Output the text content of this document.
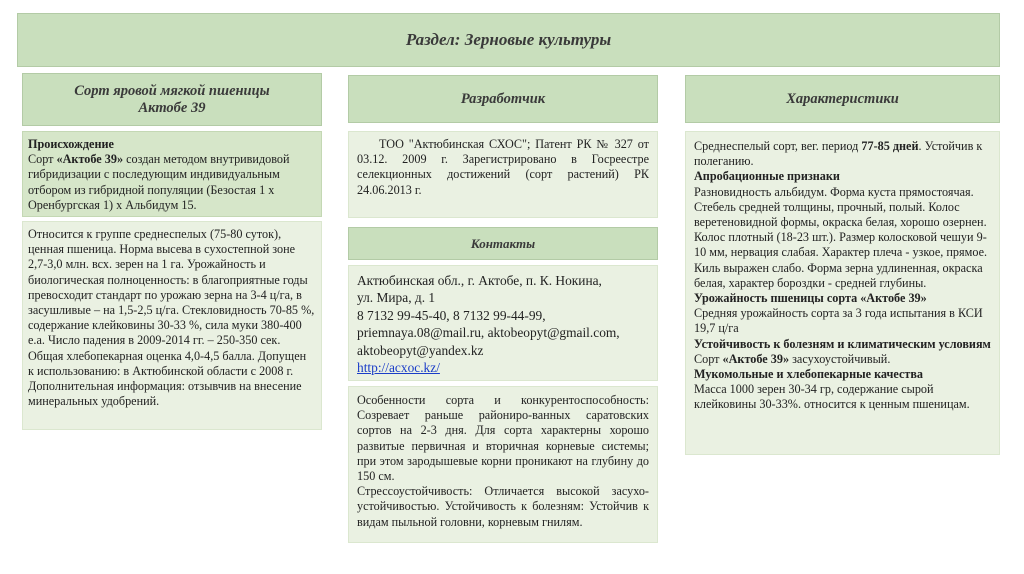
Раздел: Зерновые культуры
Сорт яровой мягкой пшеницы
Актобе 39
Происхождение
Сорт «Актобе 39» создан методом внутривидовой гибридизации с последующим индивидуальным отбором из гибридной популяции (Безостая 1 х Оренбургская 1) х Альбидум 15.
Относится к группе среднеспелых (75-80 суток), ценная пшеница. Норма высева в сухостепной зоне 2,7-3,0 млн. всх. зерен на 1 га. Урожайность и биологическая полноценность: в благоприятные годы превосходит стандарт по урожаю зерна на 3-4 ц/га, в засушливые – на 1,5-2,5 ц/га. Стекловидность 70-85 %, содержание клейковины 30-33 %, сила муки 380-400 е.а. Число падения в 2009-2014 гг. – 250-350 сек. Общая хлебопекарная оценка 4,0-4,5 балла. Допущен к использованию: в Актюбинской области с 2008 г. Дополнительная информация: отзывчив на внесение минеральных удобрений.
Разработчик
ТОО "Актюбинская СХОС"; Патент РК № 327 от 03.12. 2009 г. Зарегистрировано в Госреестре селекционных достижений (сорт растений) РК 24.06.2013 г.
Контакты
Актюбинская обл., г. Актобе, п. К. Нокина,
ул. Мира, д. 1
8 7132 99-45-40, 8 7132 99-44-99,
priemnaya.08@mail.ru, aktobeopyt@gmail.com,
aktobeopyt@yandex.kz
http://acxoc.kz/
Особенности сорта и конкурентоспособность: Созревает раньше райониро-ванных саратовских сортов на 2-3 дня. Для сорта характерны хорошо развитые первичная и вторичная корневые системы; при этом зародышевые корни проникают на глубину до 150 см.
Стрессоустойчивость: Отличается высокой засухо-устойчивостью. Устойчивость к болезням: Устойчив к видам пыльной головни, корневым гнилям.
Характеристики
Среднеспелый сорт, вег. период 77-85 дней. Устойчив к полеганию.
Апробационные признаки
Разновидность альбидум. Форма куста прямостоячая. Стебель средней толщины, прочный, полый. Колос веретеновидной формы, окраска белая, хорошо озернен. Колос плотный (18-23 шт.). Размер колосковой чешуи 9-10 мм, нервация слабая. Характер плеча - узкое, прямое. Киль выражен слабо. Форма зерна удлиненная, окраска белая, характер бороздки - средней глубины.
Урожайность пшеницы сорта «Актобе 39»
Средняя урожайность сорта за 3 года испытания в КСИ 19,7 ц/га
Устойчивость к болезням и климатическим условиям
Сорт «Актобе 39» засухоустойчивый.
Мукомольные и хлебопекарные качества
Масса 1000 зерен 30-34 гр, содержание сырой клейковины 30-33%. относится к ценным пшеницам.
